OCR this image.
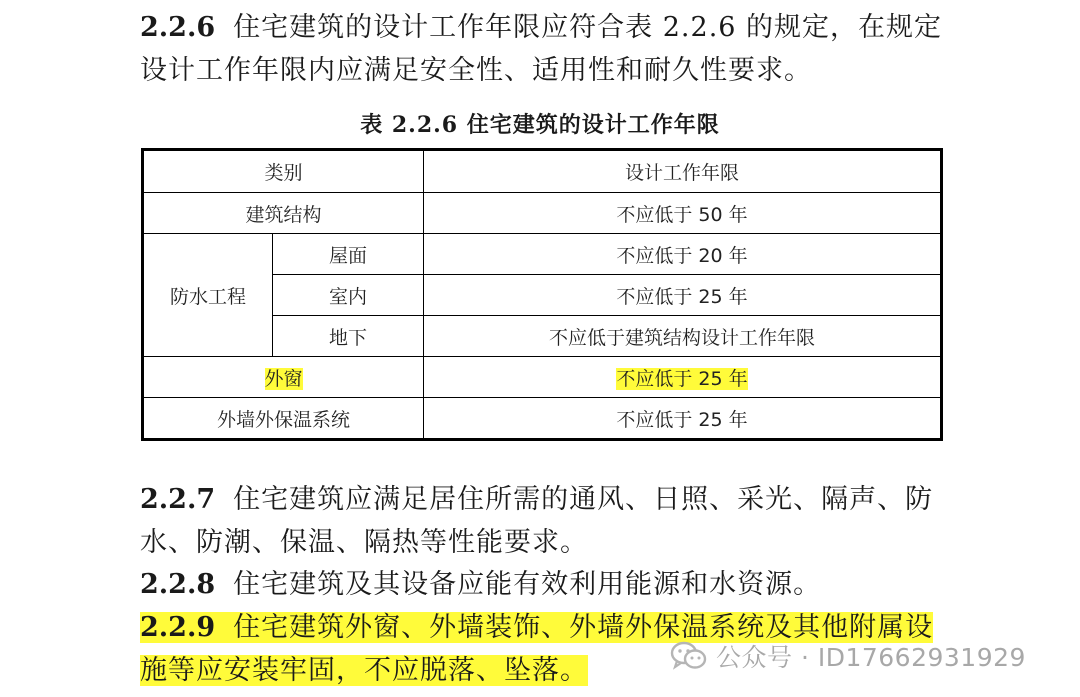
2.2.6 住宅建筑的设计工作年限应符合表 2.2.6 的规定，在规定设计工作年限内应满足安全性、适用性和耐久性要求。
表 2.2.6 住宅建筑的设计工作年限
类别		设计工作年限
建筑结构		不应低于 50 年
防水工程	屋面	不应低于 20 年
	室内	不应低于 25 年
	地下	不应低于建筑结构设计工作年限
外窗		不应低于 25 年
外墙外保温系统		不应低于 25 年
2.2.7 住宅建筑应满足居住所需的通风、日照、采光、隔声、防水、防潮、保温、隔热等性能要求。
2.2.8 住宅建筑及其设备应能有效利用能源和水资源。
2.2.9 住宅建筑外窗、外墙装饰、外墙外保温系统及其他附属设施等应安装牢固，不应脱落、坠落。	公众号 · ID17662931929
